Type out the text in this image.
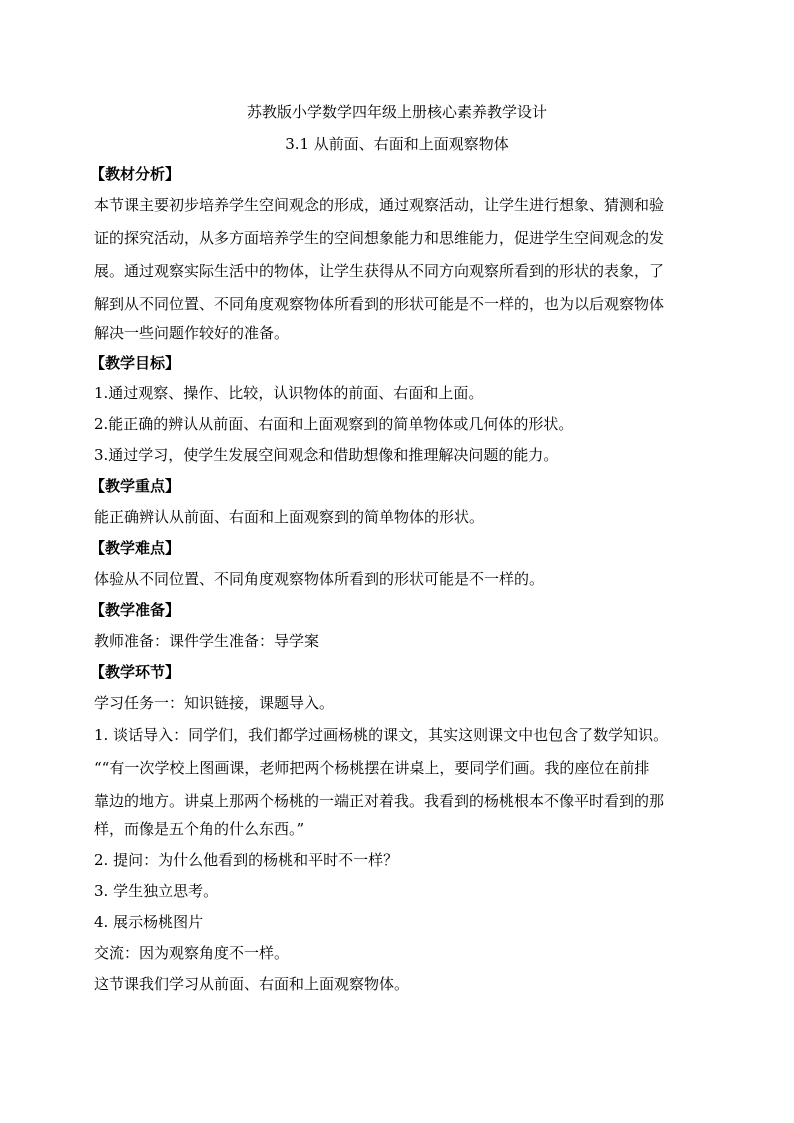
苏教版小学数学四年级上册核心素养教学设计
3.1 从前面、右面和上面观察物体
【教材分析】
本节课主要初步培养学生空间观念的形成，通过观察活动，让学生进行想象、猜测和验
证的探究活动，从多方面培养学生的空间想象能力和思维能力，促进学生空间观念的发
展。通过观察实际生活中的物体，让学生获得从不同方向观察所看到的形状的表象，了
解到从不同位置、不同角度观察物体所看到的形状可能是不一样的，也为以后观察物体
解决一些问题作较好的准备。
【教学目标】
1.通过观察、操作、比较，认识物体的前面、右面和上面。
2.能正确的辨认从前面、右面和上面观察到的简单物体或几何体的形状。
3.通过学习，使学生发展空间观念和借助想像和推理解决问题的能力。
【教学重点】
能正确辨认从前面、右面和上面观察到的简单物体的形状。
【教学难点】
体验从不同位置、不同角度观察物体所看到的形状可能是不一样的。
【教学准备】
教师准备：课件学生准备：导学案
【教学环节】
学习任务一：知识链接，课题导入。
1. 谈话导入：同学们，我们都学过画杨桃的课文，其实这则课文中也包含了数学知识。
““有一次学校上图画课，老师把两个杨桃摆在讲桌上，要同学们画。我的座位在前排
靠边的地方。讲桌上那两个杨桃的一端正对着我。我看到的杨桃根本不像平时看到的那
样，而像是五个角的什么东西。”
2. 提问：为什么他看到的杨桃和平时不一样？
3. 学生独立思考。
4. 展示杨桃图片
交流：因为观察角度不一样。
这节课我们学习从前面、右面和上面观察物体。
